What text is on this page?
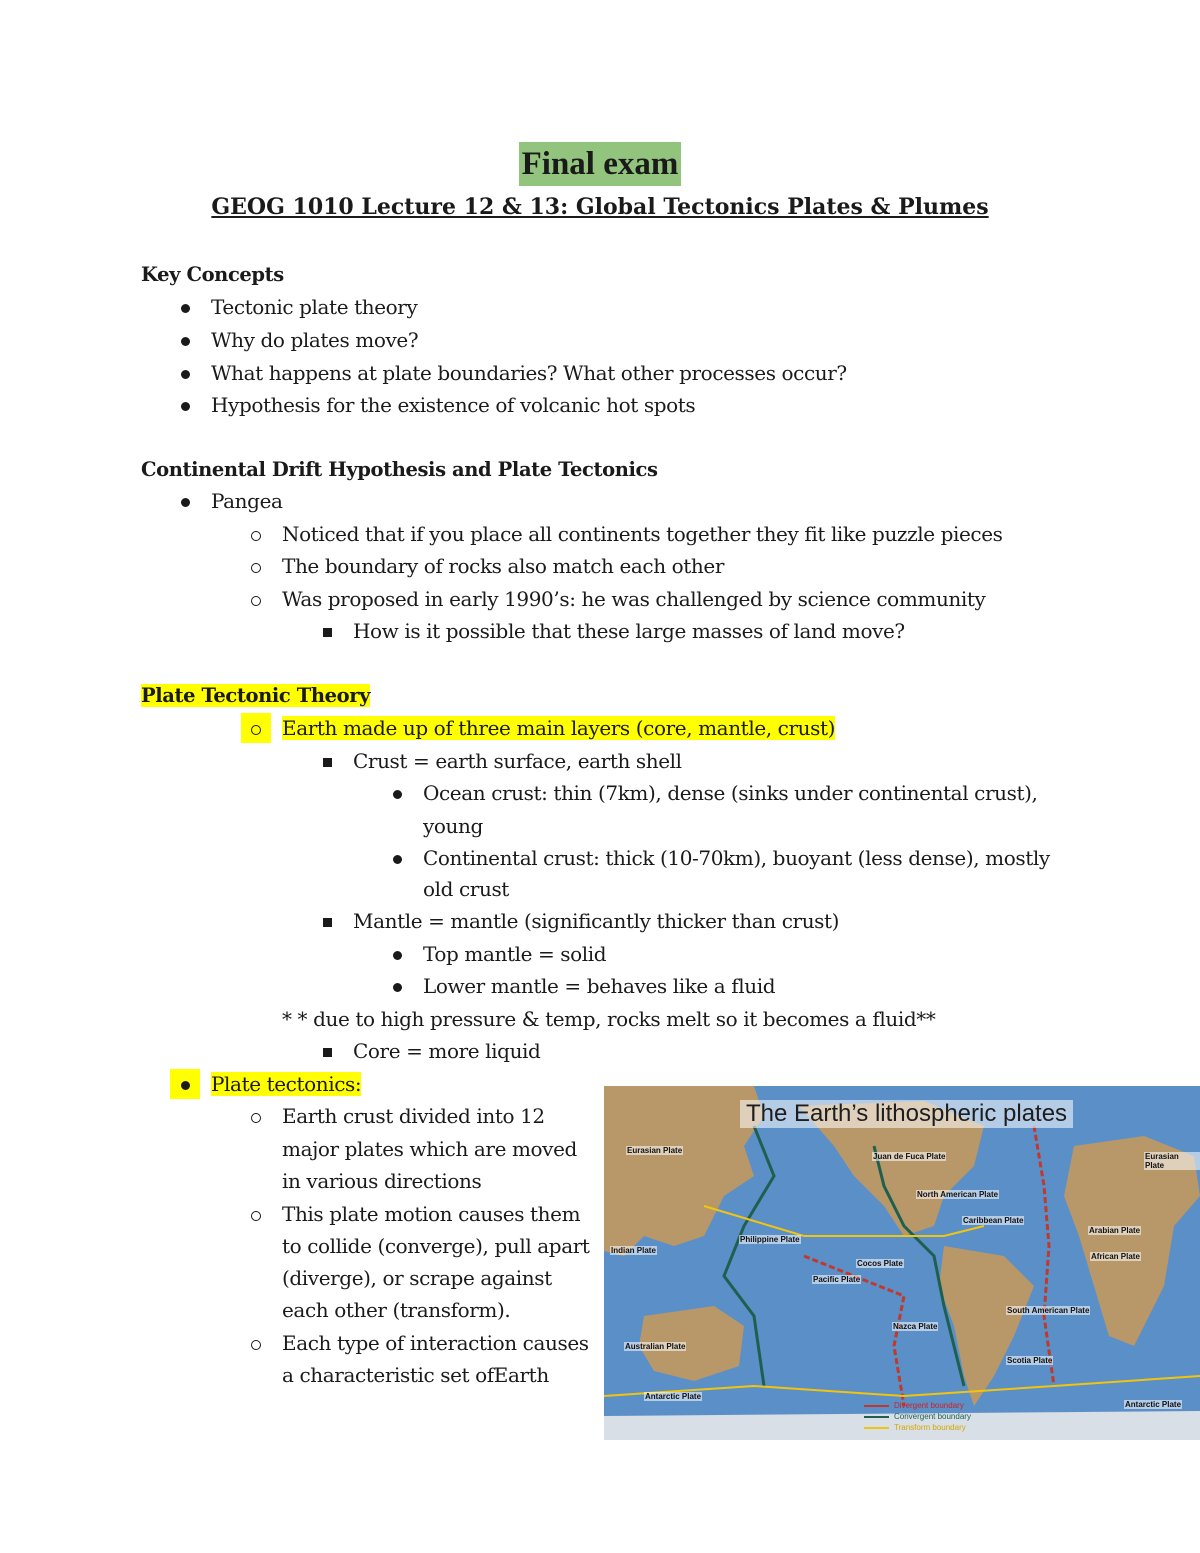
Final exam
GEOG 1010 Lecture 12 & 13: Global Tectonics Plates & Plumes
Key Concepts
Tectonic plate theory
Why do plates move?
What happens at plate boundaries? What other processes occur?
Hypothesis for the existence of volcanic hot spots
Continental Drift Hypothesis and Plate Tectonics
Pangea
Noticed that if you place all continents together they fit like puzzle pieces
The boundary of rocks also match each other
Was proposed in early 1990’s: he was challenged by science community
How is it possible that these large masses of land move?
Plate Tectonic Theory
Earth made up of three main layers (core, mantle, crust)
Crust = earth surface, earth shell
Ocean crust: thin (7km), dense (sinks under continental crust),
young
Continental crust: thick (10-70km), buoyant (less dense), mostly
old crust
Mantle = mantle (significantly thicker than crust)
Top mantle = solid
Lower mantle = behaves like a fluid
* * due to high pressure & temp, rocks melt so it becomes a fluid**
Core = more liquid
Plate tectonics:
Earth crust divided into 12
major plates which are moved
in various directions
This plate motion causes them
to collide (converge), pull apart
(diverge), or scrape against
each other (transform).
Each type of interaction causes
a characteristic set ofEarth
The Earth’s lithospheric plates
Eurasian Plate
Juan de Fuca Plate	Eurasian Plate
North American Plate
Caribbean Plate
Arabian Plate
Philippine Plate
African Plate
Indian Plate
Cocos Plate
Pacific Plate
Nazca Plate
South American Plate
Australian Plate
Scotia Plate
Antarctic Plate
Antarctic Plate
Divergent boundary
Convergent boundary
Transform boundary
